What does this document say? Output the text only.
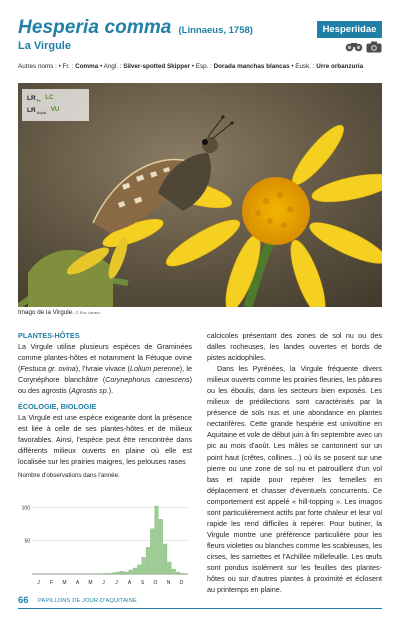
Hesperia comma (Linnaeus, 1758)	Hesperiidae
La Virgule
Autres noms : • Fr. : Comma • Angl. : Silver-spotted Skipper • Esp. : Dorada manchas blancas • Eusk. : Urre orbanzuria
LR $_{Fr.}$ LC
LR $_{Aquit.}$ VU
Imago de la Virgule. © Eric Lecam.
PLANTES-HÔTES
La Virgule utilise plusieurs espèces de Graminées comme plantes-hôtes et notamment la Fétuque ovine (Festuca gr. ovina), l'Ivraie vivace (Lolium perenne), le Corynéphore blanchâtre (Corynephorus canescens) ou des agrostis (Agrostis sp.).
ÉCOLOGIE, BIOLOGIE
La Virgule est une espèce exigeante dont la présence est liée à celle de ses plantes-hôtes et de milieux favorables. Ainsi, l'espèce peut être rencontrée dans différents milieux ouverts en plaine où elle est localisée sur les prairies maigres, les pelouses rases
Nombre d'observations dans l'année.
50
100
J F M A M J J A S O N D
calcicoles présentant des zones de sol nu ou des dalles rocheuses, les landes ouvertes et bords de pistes acidophiles.
Dans les Pyrénées, la Virgule fréquente divers milieux ouverts comme les prairies fleuries, les pâtures ou les éboulis, dans les secteurs bien exposés. Les milieux de prédilections sont caractérisés par la présence de sols nus et une abondance en plantes nectarifères. Cette grande hespérie est univoltine en Aquitaine et vole de début juin à fin septembre avec un pic au mois d'août. Les mâles se cantonnent sur un point haut (crêtes, collines…) où ils se posent sur une pierre ou une zone de sol nu et patrouillent d'un vol bas et rapide pour repérer les femelles en déplacement et chasser d'éventuels concurrents. Ce comportement est appelé « hill-topping ». Les imagos sont particulièrement actifs par forte chaleur et leur vol rapide les rend difficiles à repérer. Pour butiner, la Virgule montre une préférence particulière pour les fleurs violettes ou blanches comme les scabieuses, les cirses, les sarriettes et l'Achillée millefeuille. Les œufs sont pondus isolément sur les feuilles des plantes-hôtes ou sur d'autres plantes à proximité et éclosent au printemps en plaine.
66 PAPILLONS DE JOUR D'AQUITAINE
